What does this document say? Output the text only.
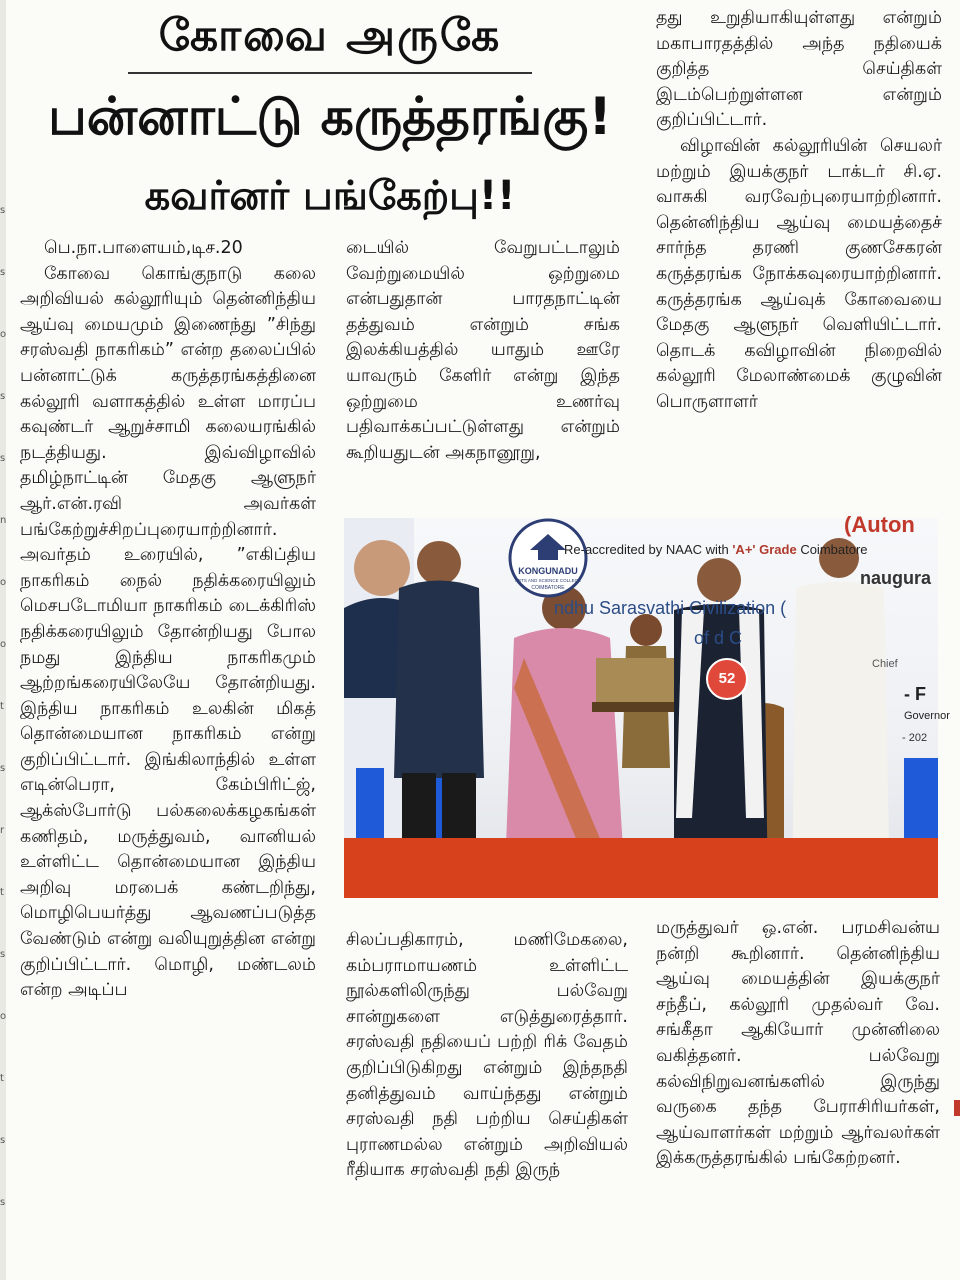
s
s
o
s
s
n
o
o
t
s
r
t
s
o
t
s
s
கோவை அருகே
பன்னாட்டு கருத்தரங்கு!
கவர்னர் பங்கேற்பு!!

பெ.நா.பாளையம்,டிச.20

கோவை கொங்குநாடு கலை அறிவியல் கல்லூரியும் தென்னிந்திய ஆய்வு மையமும் இணைந்து ”சிந்து சரஸ்வதி நாகரிகம்” என்ற தலைப்பில் பன்னாட்டுக் கருத்தரங்கத்தினை கல்லூரி வளாகத்தில் உள்ள மாரப்ப கவுண்டர் ஆறுச்சாமி கலையரங்கில் நடத்தியது. இவ்விழாவில் தமிழ்நாட்டின் மேதகு ஆளுநர் ஆர்.என்.ரவி அவர்கள் பங்கேற்றுச்சிறப்புரையாற்றினார். அவர்தம் உரையில், ”எகிப்திய நாகரிகம் நைல் நதிக்கரையிலும் மெசபடோமியா நாகரிகம் டைக்கிரிஸ் நதிக்கரையிலும் தோன்றியது போல நமது இந்திய நாகரிகமும் ஆற்றங்கரையிலேயே தோன்றியது. இந்திய நாகரிகம் உலகின் மிகத் தொன்மையான நாகரிகம் என்று குறிப்பிட்டார். இங்கிலாந்தில் உள்ள எடின்பெரா, கேம்பிரிட்ஜ், ஆக்ஸ்போர்டு பல்கலைக்கழகங்கள் கணிதம், மருத்துவம், வானியல் உள்ளிட்ட தொன்மையான இந்திய அறிவு மரபைக் கண்டறிந்து, மொழிபெயர்த்து ஆவணப்படுத்த வேண்டும் என்று வலியுறுத்தின என்று குறிப்பிட்டார். மொழி, மண்டலம் என்ற அடிப்ப

டையில் வேறுபட்டாலும் வேற்றுமையில் ஒற்றுமை என்பதுதான் பாரதநாட்டின் தத்துவம் என்றும் சங்க இலக்கியத்தில் யாதும் ஊரே யாவரும் கேளிர் என்று இந்த ஒற்றுமை உணர்வு பதிவாக்கப்பட்டுள்ளது என்றும் கூறியதுடன் அகநானூறு,

தது உறுதியாகியுள்ளது என்றும் மகாபாரதத்தில் அந்த நதியைக் குறித்த செய்திகள் இடம்பெற்றுள்ளன என்றும் குறிப்பிட்டார்.

விழாவின் கல்லூரியின் செயலர் மற்றும் இயக்குநர் டாக்டர் சி.ஏ. வாசுகி வரவேற்புரையாற்றினார். தென்னிந்திய ஆய்வு மையத்தைச் சார்ந்த தரணி குணசேகரன் கருத்தரங்க நோக்கவுரையாற்றினார். கருத்தரங்க ஆய்வுக் கோவையை மேதகு ஆளுநர் வெளியிட்டார். தொடக் கவிழாவின் நிறைவில் கல்லூரி மேலாண்மைக் குழுவின் பொருளாளர்

KONGUNADU
ARTS AND SCIENCE COLLEGE
COIMBATORE
(Auton
Re-accredited by NAAC with 'A+' Grade Coimbatore
naugura
ndhu Sarasvathi Civilization (
of d C
Chief
- F
Governor
- 202
52

சிலப்பதிகாரம், மணிமேகலை, கம்பராமாயணம் உள்ளிட்ட நூல்களிலிருந்து பல்வேறு சான்றுகளை எடுத்துரைத்தார். சரஸ்வதி நதியைப் பற்றி ரிக் வேதம் குறிப்பிடுகிறது என்றும் இந்தநதி தனித்துவம் வாய்ந்தது என்றும் சரஸ்வதி நதி பற்றிய செய்திகள் புராணமல்ல என்றும் அறிவியல் ரீதியாக சரஸ்வதி நதி இருந்

மருத்துவர் ஒ.என். பரமசிவன்ய நன்றி கூறினார். தென்னிந்திய ஆய்வு மையத்தின் இயக்குநர் சந்தீப், கல்லூரி முதல்வர் வே. சங்கீதா ஆகியோர் முன்னிலை வகித்தனர். பல்வேறு கல்விநிறுவனங்களில் இருந்து வருகை தந்த பேராசிரியர்கள், ஆய்வாளர்கள் மற்றும் ஆர்வலர்கள் இக்கருத்தரங்கில் பங்கேற்றனர்.
